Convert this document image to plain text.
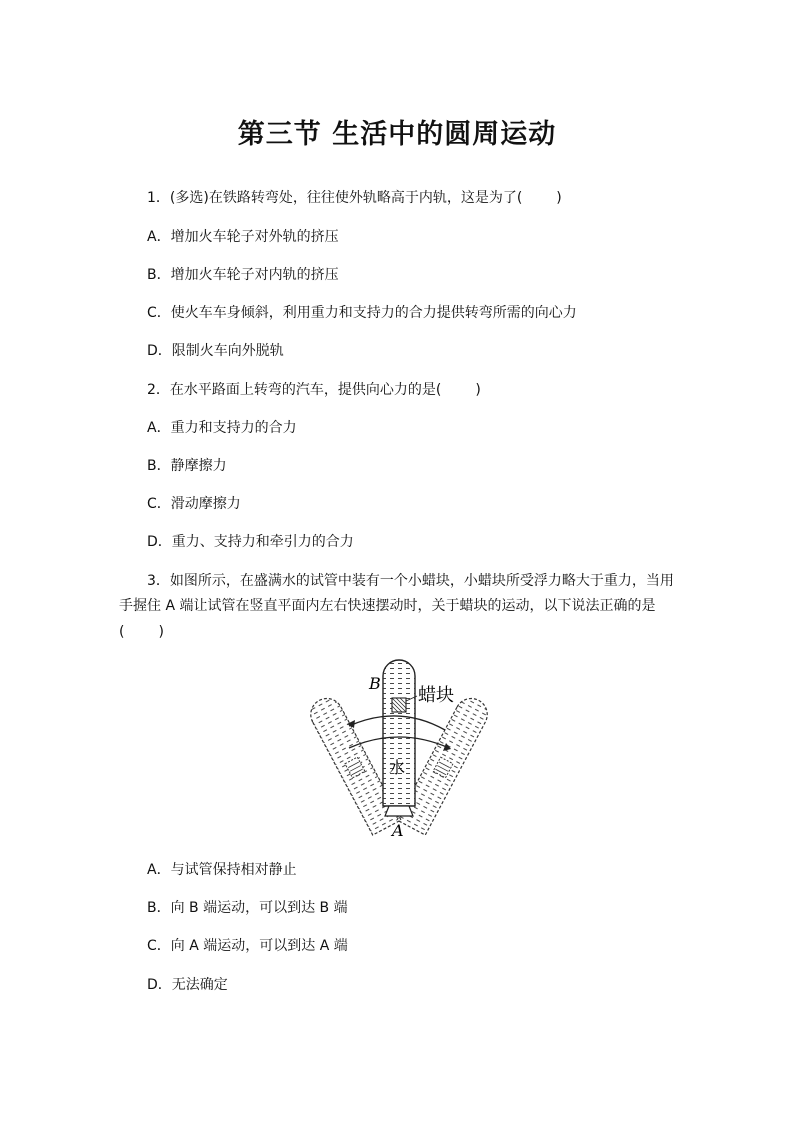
第三节 生活中的圆周运动
1．(多选)在铁路转弯处，往往使外轨略高于内轨，这是为了( )
A．增加火车轮子对外轨的挤压
B．增加火车轮子对内轨的挤压
C．使火车车身倾斜，利用重力和支持力的合力提供转弯所需的向心力
D．限制火车向外脱轨
2．在水平路面上转弯的汽车，提供向心力的是( )
A．重力和支持力的合力
B．静摩擦力
C．滑动摩擦力
D．重力、支持力和牵引力的合力
3．如图所示，在盛满水的试管中装有一个小蜡块，小蜡块所受浮力略大于重力，当用
手握住 A 端让试管在竖直平面内左右快速摆动时，关于蜡块的运动，以下说法正确的是
( )
B
蜡块
水
A
A．与试管保持相对静止
B．向 B 端运动，可以到达 B 端
C．向 A 端运动，可以到达 A 端
D．无法确定
